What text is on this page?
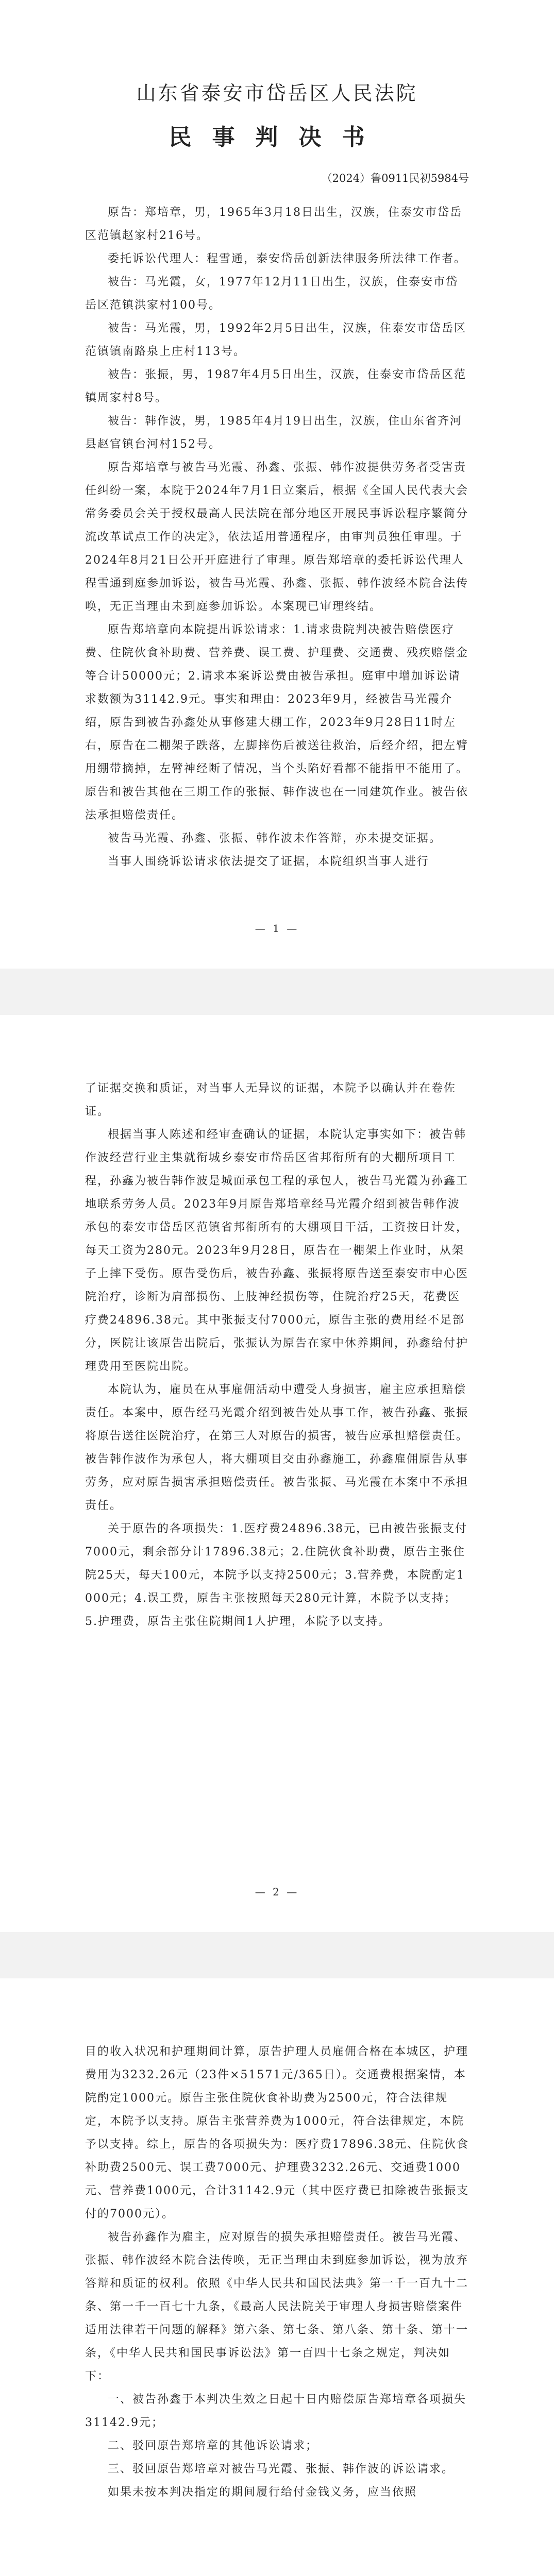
山东省泰安市岱岳区人民法院
民事判决书
（2024）鲁0911民初5984号

原告：郑培章，男，1965年3月18日出生，汉族，住泰安市岱岳区范镇赵家村216号。

委托诉讼代理人：程雪通，泰安岱岳创新法律服务所法律工作者。

被告：马光霞，女，1977年12月11日出生，汉族，住泰安市岱岳区范镇洪家村100号。

被告：马光霞，男，1992年2月5日出生，汉族，住泰安市岱岳区范镇镇南路泉上庄村113号。

被告：张振，男，1987年4月5日出生，汉族，住泰安市岱岳区范镇周家村8号。

被告：韩作波，男，1985年4月19日出生，汉族，住山东省齐河县赵官镇台河村152号。

原告郑培章与被告马光霞、孙鑫、张振、韩作波提供劳务者受害责任纠纷一案，本院于2024年7月1日立案后，根据《全国人民代表大会常务委员会关于授权最高人民法院在部分地区开展民事诉讼程序繁简分流改革试点工作的决定》，依法适用普通程序，由审判员独任审理。于2024年8月21日公开开庭进行了审理。原告郑培章的委托诉讼代理人程雪通到庭参加诉讼，被告马光霞、孙鑫、张振、韩作波经本院合法传唤，无正当理由未到庭参加诉讼。本案现已审理终结。

原告郑培章向本院提出诉讼请求：1.请求贵院判决被告赔偿医疗费、住院伙食补助费、营养费、误工费、护理费、交通费、残疾赔偿金等合计50000元；2.请求本案诉讼费由被告承担。庭审中增加诉讼请求数额为31142.9元。事实和理由：2023年9月，经被告马光霞介绍，原告到被告孙鑫处从事修建大棚工作，2023年9月28日11时左右，原告在二棚架子跌落，左脚摔伤后被送往救治，后经介绍，把左臂用绷带摘掉，左臂神经断了情况，当个头陷好看都不能指甲不能用了。原告和被告其他在三期工作的张振、韩作波也在一同建筑作业。被告依法承担赔偿责任。

被告马光霞、孙鑫、张振、韩作波未作答辩，亦未提交证据。

当事人围绕诉讼请求依法提交了证据，本院组织当事人进行

— 1 —

了证据交换和质证，对当事人无异议的证据，本院予以确认并在卷佐证。

根据当事人陈述和经审查确认的证据，本院认定事实如下：被告韩作波经营行业主集就衔城乡泰安市岱岳区省邦衔所有的大棚所项目工程，孙鑫为被告韩作波是城面承包工程的承包人，被告马光霞为孙鑫工地联系劳务人员。2023年9月原告郑培章经马光霞介绍到被告韩作波承包的泰安市岱岳区范镇省邦衔所有的大棚项目干活，工资按日计发，每天工资为280元。2023年9月28日，原告在一棚架上作业时，从架子上摔下受伤。原告受伤后，被告孙鑫、张振将原告送至泰安市中心医院治疗，诊断为肩部损伤、上肢神经损伤等，住院治疗25天，花费医疗费24896.38元。其中张振支付7000元，原告主张的费用经不足部分，医院让该原告出院后，张振认为原告在家中休养期间，孙鑫给付护理费用至医院出院。

本院认为，雇员在从事雇佣活动中遭受人身损害，雇主应承担赔偿责任。本案中，原告经马光霞介绍到被告处从事工作，被告孙鑫、张振将原告送往医院治疗，在第三人对原告的损害，被告应承担赔偿责任。被告韩作波作为承包人，将大棚项目交由孙鑫施工，孙鑫雇佣原告从事劳务，应对原告损害承担赔偿责任。被告张振、马光霞在本案中不承担责任。

关于原告的各项损失：1.医疗费24896.38元，已由被告张振支付7000元，剩余部分计17896.38元；2.住院伙食补助费，原告主张住院25天，每天100元，本院予以支持2500元；3.营养费，本院酌定1000元；4.误工费，原告主张按照每天280元计算，本院予以支持；5.护理费，原告主张住院期间1人护理，本院予以支持。

— 2 —

目的收入状况和护理期间计算，原告护理人员雇佣合格在本城区，护理费用为3232.26元（23件×51571元/365日）。交通费根据案情，本院酌定1000元。原告主张住院伙食补助费为2500元，符合法律规定，本院予以支持。原告主张营养费为1000元，符合法律规定，本院予以支持。综上，原告的各项损失为：医疗费17896.38元、住院伙食补助费2500元、误工费7000元、护理费3232.26元、交通费1000元、营养费1000元，合计31142.9元（其中医疗费已扣除被告张振支付的7000元）。

被告孙鑫作为雇主，应对原告的损失承担赔偿责任。被告马光霞、张振、韩作波经本院合法传唤，无正当理由未到庭参加诉讼，视为放弃答辩和质证的权利。依照《中华人民共和国民法典》第一千一百九十二条、第一千一百七十九条，《最高人民法院关于审理人身损害赔偿案件适用法律若干问题的解释》第六条、第七条、第八条、第十条、第十一条，《中华人民共和国民事诉讼法》第一百四十七条之规定，判决如下：

一、被告孙鑫于本判决生效之日起十日内赔偿原告郑培章各项损失31142.9元；

二、驳回原告郑培章的其他诉讼请求；

三、驳回原告郑培章对被告马光霞、张振、韩作波的诉讼请求。

如果未按本判决指定的期间履行给付金钱义务，应当依照
